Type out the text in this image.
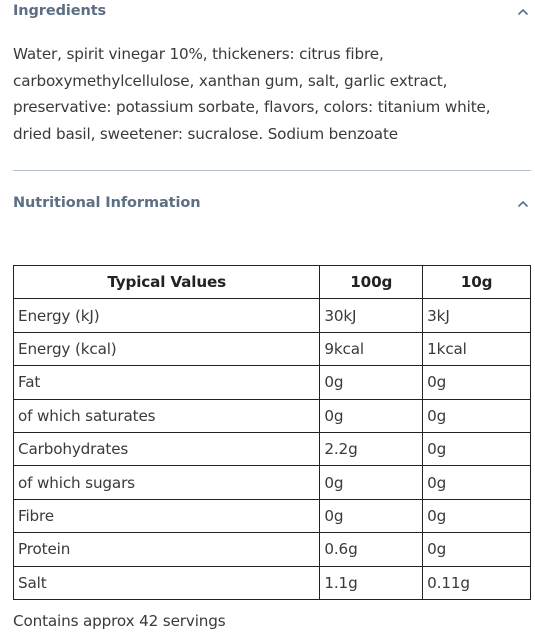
Ingredients
Water, spirit vinegar 10%, thickeners: citrus fibre, carboxymethylcellulose, xanthan gum, salt, garlic extract, preservative: potassium sorbate, flavors, colors: titanium white, dried basil, sweetener: sucralose. Sodium benzoate
Nutritional Information
Typical Values	100g	10g
Energy (kJ)	30kJ	3kJ
Energy (kcal)	9kcal	1kcal
Fat	0g	0g
of which saturates	0g	0g
Carbohydrates	2.2g	0g
of which sugars	0g	0g
Fibre	0g	0g
Protein	0.6g	0g
Salt	1.1g	0.11g
Contains approx 42 servings
